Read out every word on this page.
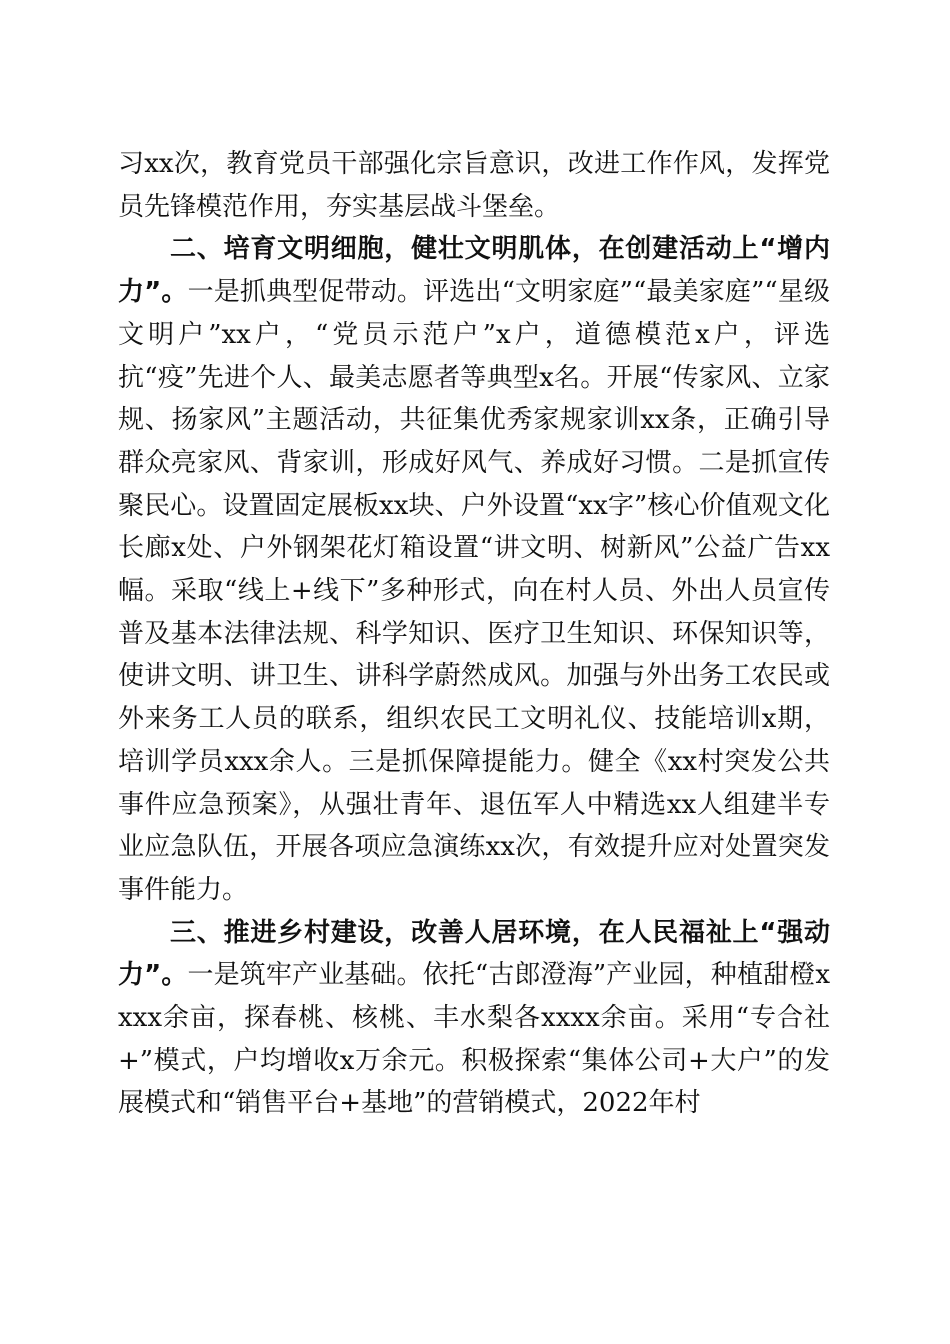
习xx次，教育党员干部强化宗旨意识，改进工作作风，发挥党员先锋模范作用，夯实基层战斗堡垒。

二、培育文明细胞，健壮文明肌体，在创建活动上“增内力”。一是抓典型促带动。评选出“文明家庭”“最美家庭”“星级文明户”xx户，“党员示范户”x户，道德模范x户，评选抗“疫”先进个人、最美志愿者等典型x名。开展“传家风、立家规、扬家风”主题活动，共征集优秀家规家训xx条，正确引导群众亮家风、背家训，形成好风气、养成好习惯。二是抓宣传聚民心。设置固定展板xx块、户外设置“xx字”核心价值观文化长廊x处、户外钢架花灯箱设置“讲文明、树新风”公益广告xx幅。采取“线上+线下”多种形式，向在村人员、外出人员宣传普及基本法律法规、科学知识、医疗卫生知识、环保知识等，使讲文明、讲卫生、讲科学蔚然成风。加强与外出务工农民或外来务工人员的联系，组织农民工文明礼仪、技能培训x期，培训学员xxx余人。三是抓保障提能力。健全《xx村突发公共事件应急预案》，从强壮青年、退伍军人中精选xx人组建半专业应急队伍，开展各项应急演练xx次，有效提升应对处置突发事件能力。

三、推进乡村建设，改善人居环境，在人民福祉上“强动力”。一是筑牢产业基础。依托“古郎澄海”产业园，种植甜橙xxxx余亩，探春桃、核桃、丰水梨各xxxx余亩。采用“专合社+”模式，户均增收x万余元。积极探索“集体公司+大户”的发展模式和“销售平台+基地”的营销模式，2022年村
